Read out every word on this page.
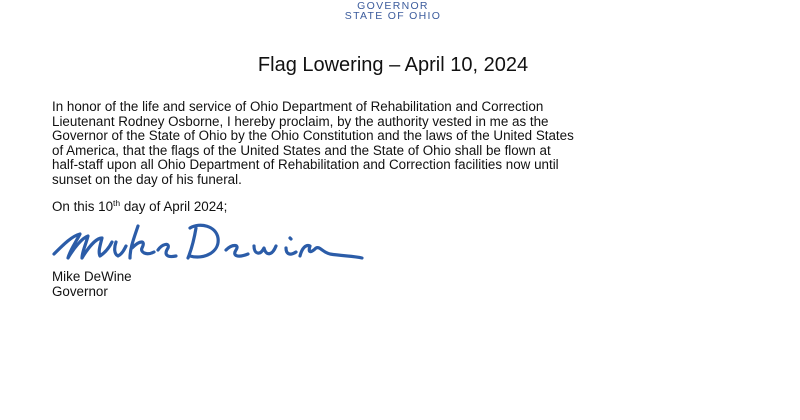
GOVERNOR
STATE OF OHIO
Flag Lowering – April 10, 2024
In honor of the life and service of Ohio Department of Rehabilitation and Correction
Lieutenant Rodney Osborne, I hereby proclaim, by the authority vested in me as the
Governor of the State of Ohio by the Ohio Constitution and the laws of the United States
of America, that the flags of the United States and the State of Ohio shall be flown at
half-staff upon all Ohio Department of Rehabilitation and Correction facilities now until
sunset on the day of his funeral.
On this 10th day of April 2024;
Mike DeWine
Governor
